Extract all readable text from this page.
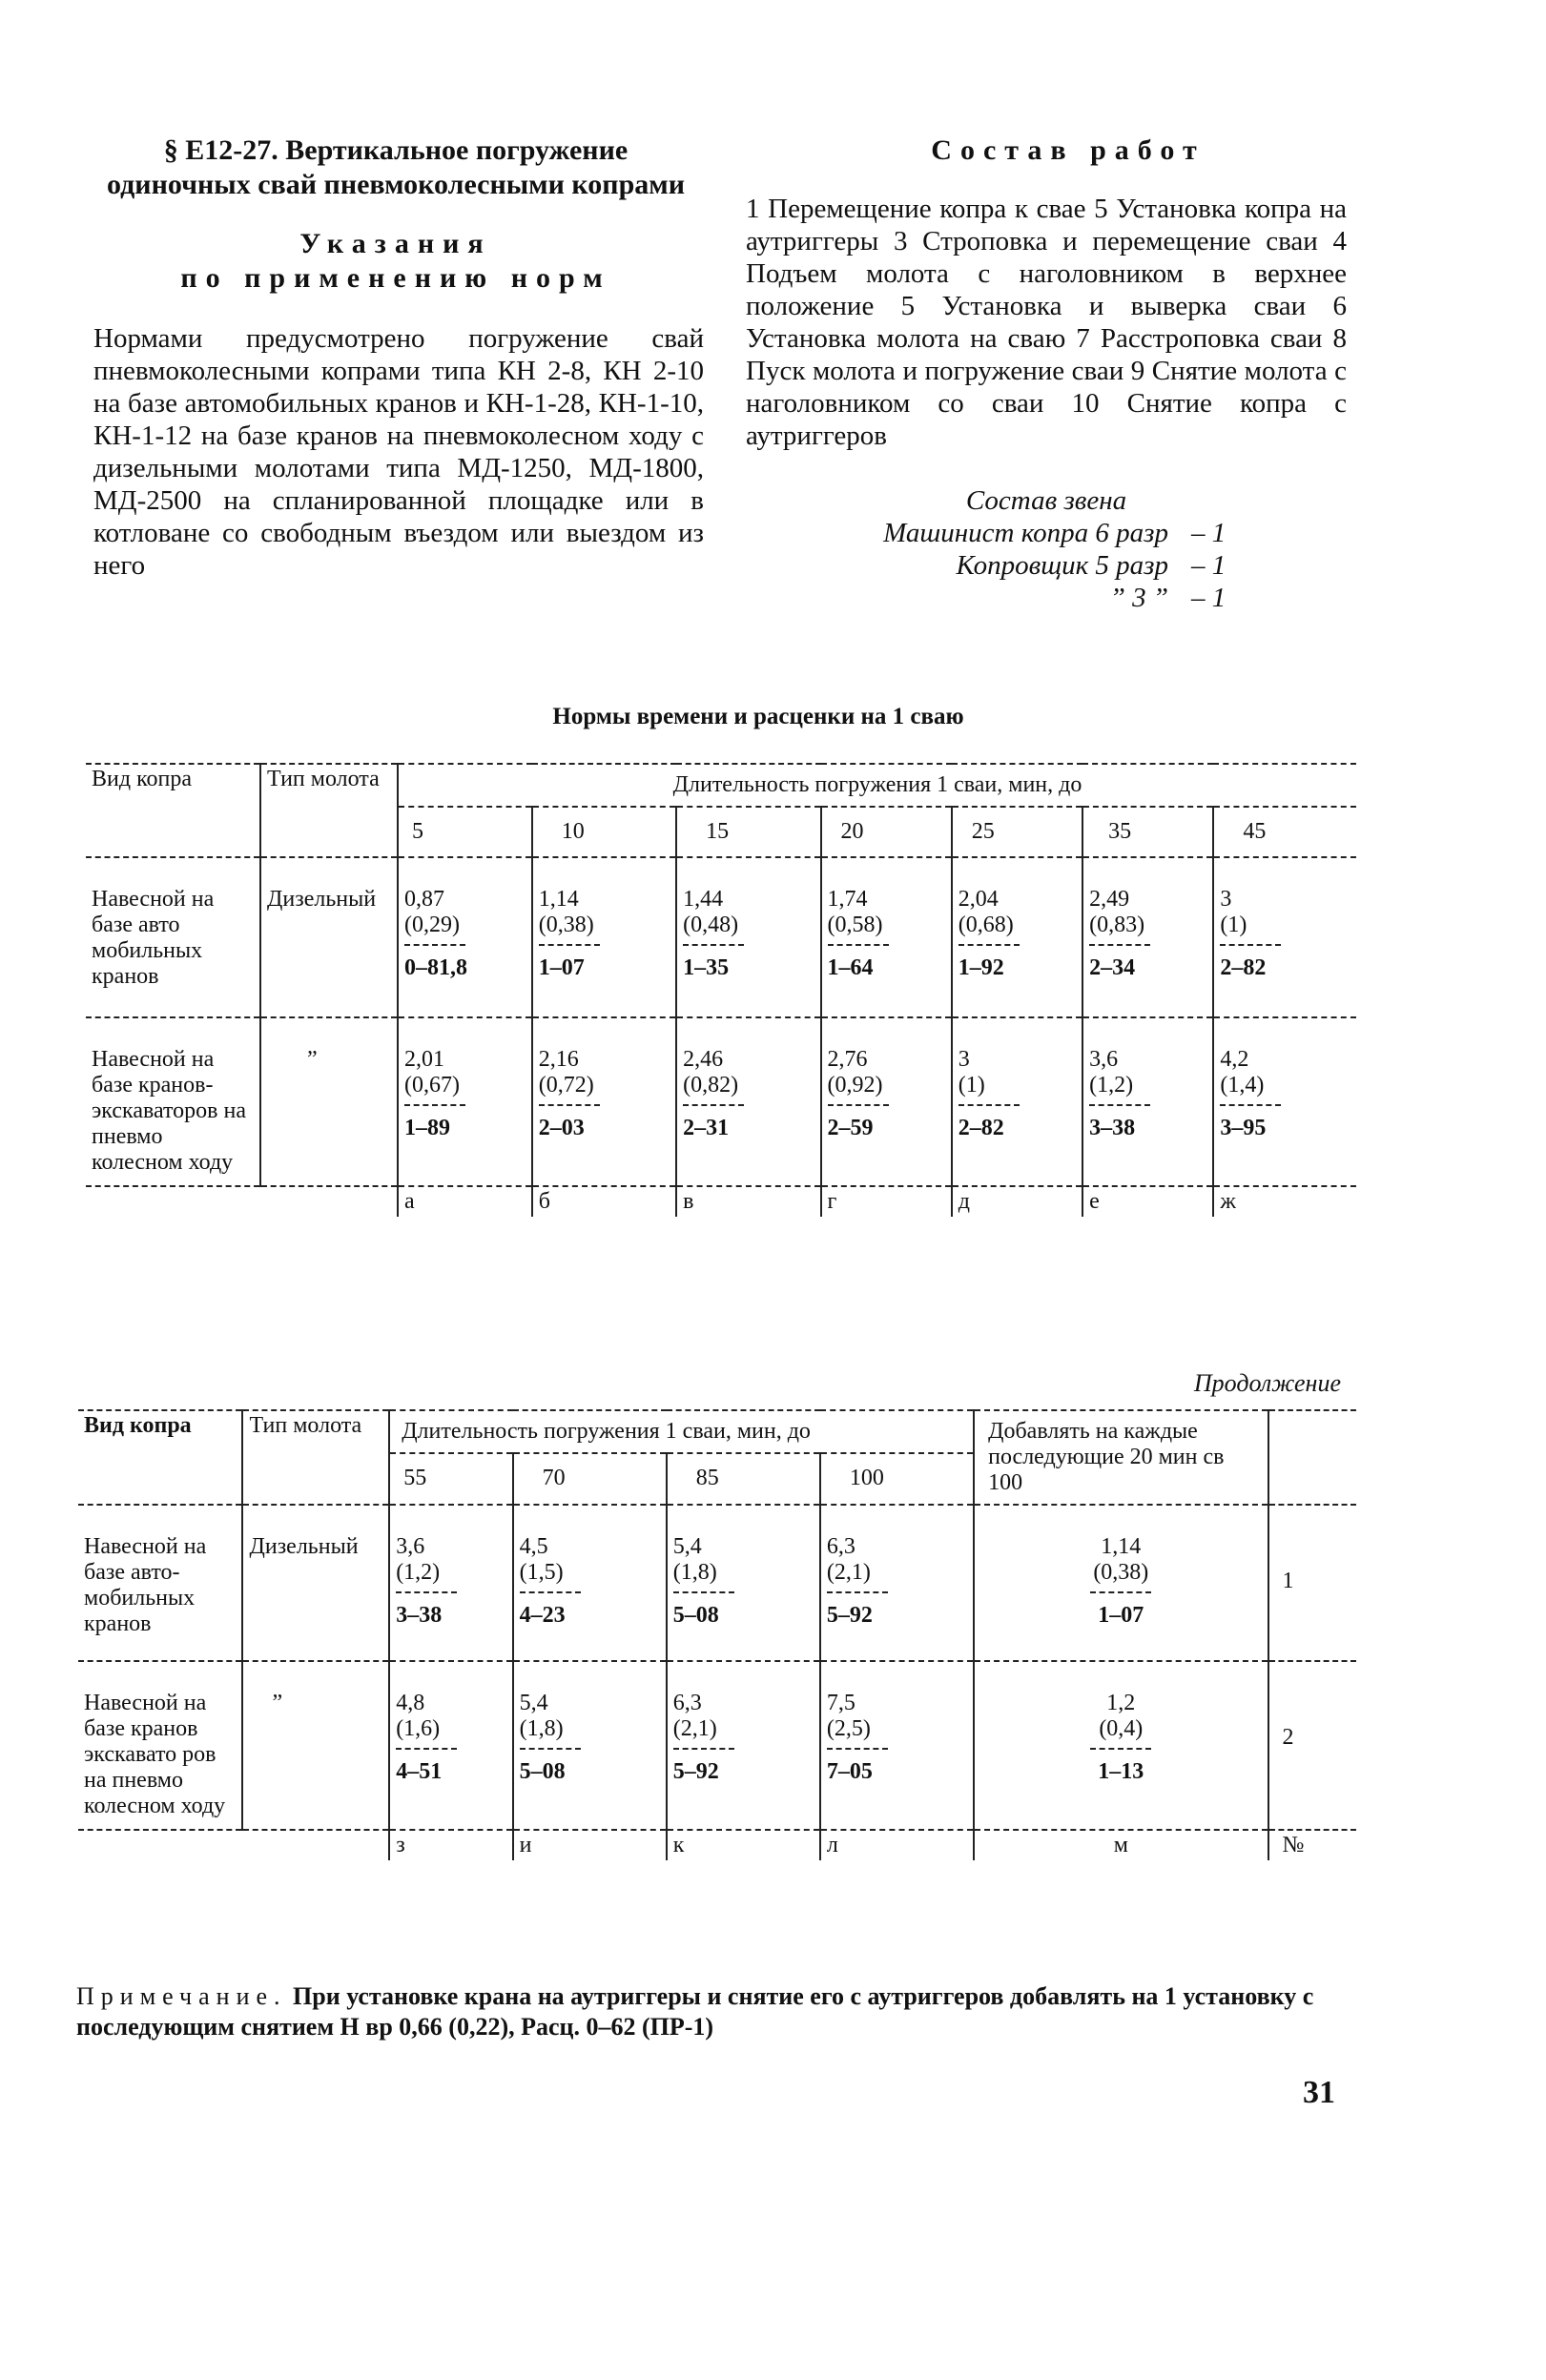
§ Е12-27. Вертикальное погружение
одиночных свай пневмоколесными копрами
Указания
по применению норм
Нормами предусмотрено погружение свай пневмоколесными копрами типа КН 2-8, КН 2-10 на базе автомобильных кранов и КН-1-28, КН-1-10, КН-1-12 на базе кранов на пневмоколесном ходу с дизельными молотами типа МД-1250, МД-1800, МД-2500 на спланированной площадке или в котловане со свободным въездом или выездом из него
Состав работ
1 Перемещение копра к свае 5 Установка копра на аутриггеры 3 Строповка и перемещение сваи 4 Подъем молота с наголовником в верхнее положение 5 Установка и выверка сваи 6 Установка молота на сваю 7 Расстроповка сваи 8 Пуск молота и погружение сваи 9 Снятие молота с наголовником со сваи 10 Снятие копра с аутриггеров
Состав звена
Машинист копра 6 разр – 1
Копровщик 5 разр – 1
” 3 ” – 1
Нормы времени и расценки на 1 сваю
Вид копра	Тип молота	Длительность погружения 1 сваи, мин, до						
		5	10	15	20	25	35	45
Навесной на базе авто мобильных кранов	Дизельный	0,87
(0,29)
0–81,8	1,14
(0,38)
1–07	1,44
(0,48)
1–35	1,74
(0,58)
1–64	2,04
(0,68)
1–92	2,49
(0,83)
2–34	3
(1)
2–82

Навесной на базе кранов-экскаваторов на пневмо колесном ходу	”	2,01
(0,67)
1–89	2,16
(0,72)
2–03	2,46
(0,82)
2–31	2,76
(0,92)
2–59	3
(1)
2–82	3,6
(1,2)
3–38	4,2
(1,4)
3–95

		а	б	в	г	д	е	ж
Продолжение
Вид копра	Тип молота	Длительность погружения 1 сваи, мин, до				Добавлять на каждые последующие 20 мин св 100	
		55	70	85	100		
Навесной на базе авто-мобильных кранов	Дизельный	3,6
(1,2)
3–38	4,5
(1,5)
4–23	5,4
(1,8)
5–08	6,3
(2,1)
5–92	1,14
(0,38)
1–07	1
Навесной на базе кранов экскавато ров на пневмо колесном ходу	”	4,8
(1,6)
4–51	5,4
(1,8)
5–08	6,3
(2,1)
5–92	7,5
(2,5)
7–05	1,2
(0,4)
1–13	2
		з	и	к	л	м	№
Примечание. При установке крана на аутриггеры и снятие его с аутриггеров добавлять на 1 установку с последующим снятием Н вр 0,66 (0,22), Расц. 0–62 (ПР-1)
31
